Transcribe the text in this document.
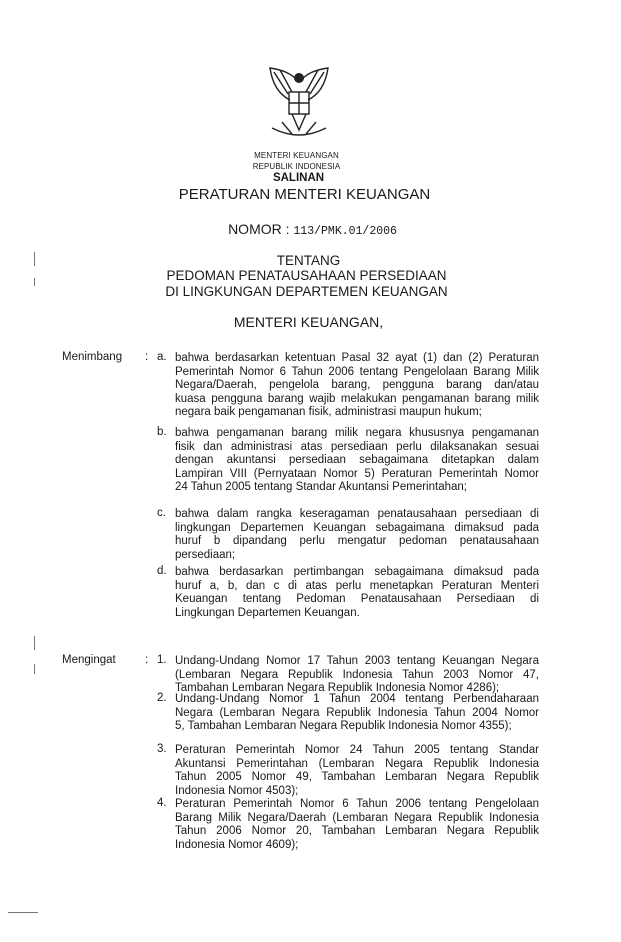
MENTERI KEUANGAN
REPUBLIK INDONESIA
SALINAN
PERATURAN MENTERI KEUANGAN
NOMOR : 113/PMK.01/2006
TENTANG
PEDOMAN PENATAUSAHAAN PERSEDIAAN
DI LINGKUNGAN DEPARTEMEN KEUANGAN
MENTERI KEUANGAN,
Menimbang : a. bahwa berdasarkan ketentuan Pasal 32 ayat (1) dan (2) Peraturan
Pemerintah Nomor 6 Tahun 2006 tentang Pengelolaan Barang Milik
Negara/Daerah, pengelola barang, pengguna barang dan/atau
kuasa pengguna barang wajib melakukan pengamanan barang milik
negara baik pengamanan fisik, administrasi maupun hukum;
b. bahwa pengamanan barang milik negara khususnya pengamanan
fisik dan administrasi atas persediaan perlu dilaksanakan sesuai
dengan akuntansi persediaan sebagaimana ditetapkan dalam
Lampiran VIII (Pernyataan Nomor 5) Peraturan Pemerintah Nomor
24 Tahun 2005 tentang Standar Akuntansi Pemerintahan;
c. bahwa dalam rangka keseragaman penatausahaan persediaan di
lingkungan Departemen Keuangan sebagaimana dimaksud pada
huruf b dipandang perlu mengatur pedoman penatausahaan
persediaan;
d. bahwa berdasarkan pertimbangan sebagaimana dimaksud pada
huruf a, b, dan c di atas perlu menetapkan Peraturan Menteri
Keuangan tentang Pedoman Penatausahaan Persediaan di
Lingkungan Departemen Keuangan.
Mengingat	: 1. Undang-Undang Nomor 17 Tahun 2003 tentang Keuangan Negara
(Lembaran Negara Republik Indonesia Tahun 2003 Nomor 47,
Tambahan Lembaran Negara Republik Indonesia Nomor 4286);
2. Undang-Undang Nomor 1 Tahun 2004 tentang Perbendaharaan
Negara (Lembaran Negara Republik Indonesia Tahun 2004 Nomor
5, Tambahan Lembaran Negara Republik Indonesia Nomor 4355);
3. Peraturan Pemerintah Nomor 24 Tahun 2005 tentang Standar
Akuntansi Pemerintahan (Lembaran Negara Republik Indonesia
Tahun 2005 Nomor 49, Tambahan Lembaran Negara Republik
Indonesia Nomor 4503);
4. Peraturan Pemerintah Nomor 6 Tahun 2006 tentang Pengelolaan
Barang Milik Negara/Daerah (Lembaran Negara Republik Indonesia
Tahun 2006 Nomor 20, Tambahan Lembaran Negara Republik
Indonesia Nomor 4609);
